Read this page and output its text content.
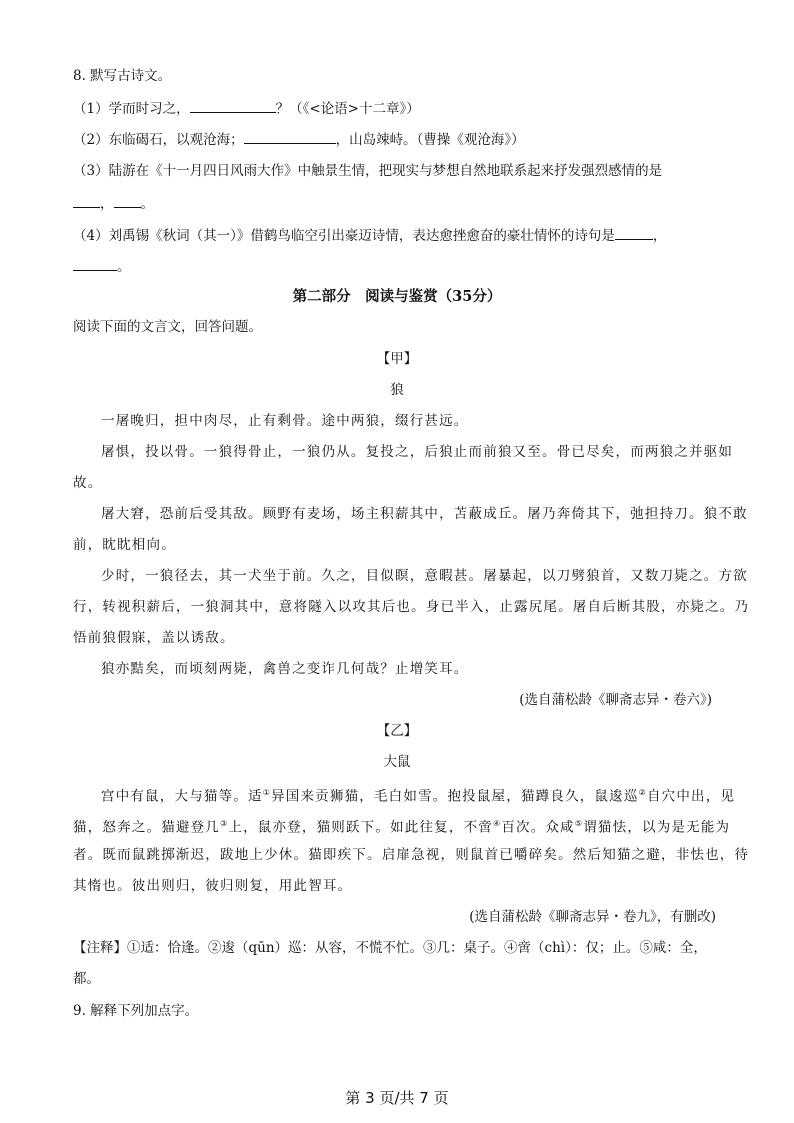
8. 默写古诗文。
（1）学而时习之，	？（《<论语>十二章》）
（2）东临碣石，以观沧海；	，山岛竦峙。（曹操《观沧海》）
（3）陆游在《十一月四日风雨大作》中触景生情，把现实与梦想自然地联系起来抒发强烈感情的是
， 。
（4）刘禹锡《秋词（其一）》借鹤鸟临空引出豪迈诗情，表达愈挫愈奋的豪壮情怀的诗句是	，
。
第二部分　阅读与鉴赏（35分）
阅读下面的文言文，回答问题。
【甲】
狼
一屠晚归，担中肉尽，止有剩骨。途中两狼，缀行甚远。
屠惧，投以骨。一狼得骨止，一狼仍从。复投之，后狼止而前狼又至。骨已尽矣，而两狼之并驱如
故。
屠大窘，恐前后受其敌。顾野有麦场，场主积薪其中，苫蔽成丘。屠乃奔倚其下，弛担持刀。狼不敢
前，眈眈相向。
少时，一狼径去，其一犬坐于前。久之，目似瞑，意暇甚。屠暴起，以刀劈狼首，又数刀毙之。方欲
行，转视积薪后，一狼洞其中，意将隧入以攻其后也。身已半入，止露尻尾。屠自后断其股，亦毙之。乃
悟前狼假寐，盖以诱敌。
狼亦黠矣，而顷刻两毙，禽兽之变诈几何哉？止增笑耳。
(选自蒲松龄《聊斋志异・卷六》)
【乙】
大鼠
宫中有鼠，大与猫等。适①异国来贡狮猫，毛白如雪。抱投鼠屋，猫蹲良久，鼠逡巡②自穴中出，见
猫，怒奔之。猫避登几③上，鼠亦登，猫则跃下。如此往复，不啻④百次。众咸⑤谓猫怯，以为是无能为
者。既而鼠跳掷渐迟，跋地上少休。猫即疾下。启扉急视，则鼠首已嚼碎矣。然后知猫之避，非怯也，待
其惰也。彼出则归，彼归则复，用此智耳。
(选自蒲松龄《聊斋志异・卷九》，有删改)
【注释】①适：恰逢。②逡（qūn）巡：从容，不慌不忙。③几：桌子。④啻（chì）：仅；止。⑤咸：全，
都。
9. 解释下列加点字。
第 3 页/共 7 页
